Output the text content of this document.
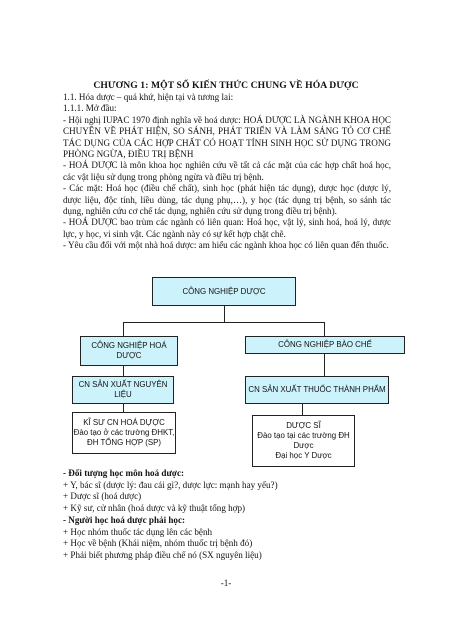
CHƯƠNG 1: MỘT SỐ KIẾN THỨC CHUNG VỀ HÓA DƯỢC

1.1. Hóa dược – quá khứ, hiện tại và tương lai:

1.1.1. Mở đầu:

- Hội nghị IUPAC 1970 định nghĩa về hoá dược: HOÁ DƯỢC LÀ NGÀNH KHOA HỌC CHUYÊN VỀ PHÁT HIỆN, SO SÁNH, PHÁT TRIỂN VÀ LÀM SÁNG TỎ CƠ CHẾ TÁC DỤNG CỦA CÁC HỢP CHẤT CÓ HOẠT TÍNH SINH HỌC SỬ DỤNG TRONG PHÒNG NGỪA, ĐIỀU TRỊ BỆNH

- HOÁ DƯỢC là môn khoa học nghiên cứu về tất cả các mặt của các hợp chất hoá học, các vật liệu sử dụng trong phòng ngừa và điều trị bệnh.

- Các mặt: Hoá học (điều chế chất), sinh học (phát hiện tác dụng), dược học (dược lý, dược liệu, độc tính, liều dùng, tác dụng phụ,…), y học (tác dụng trị bệnh, so sánh tác dụng, nghiên cứu cơ chế tác dụng, nghiên cứu sử dụng trong điều trị bệnh).

- HOÁ DƯỢC bao trùm các ngành có liên quan: Hoá học, vật lý, sinh hoá, hoá lý, dược lực, y học, vi sinh vật. Các ngành này có sự kết hợp chặt chẽ.

- Yêu cầu đối với một nhà hoá dược: am hiểu các ngành khoa học có liên quan đến thuốc.

CÔNG NGHIỆP DƯỢC
CÔNG NGHIỆP HOÁ DƯỢC
CÔNG NGHIỆP BÀO CHẾ
CN SẢN XUẤT NGUYÊN LIỆU
CN SẢN XUẤT THUỐC THÀNH PHẨM
KĨ SƯ CN HOÁ DỰỢC
Đào tạo ở các trường ĐHKT,
ĐH TỔNG HỢP (SP)
DƯỢC SĨ
Đào tạo tại các trường ĐH
Dược
Đại học Y Dược

- Đối tượng học môn hoá dược:

+ Y, bác sĩ (dược lý: đau cái gì?, dược lực: mạnh hay yếu?)

+ Dược sĩ (hoá dược)

+ Kỹ sư, cử nhân (hoá dược và kỹ thuật tổng hợp)

- Người học hoá dược phải học:

+ Học nhóm thuốc tác dụng lên các bệnh

+ Học về bệnh (Khái niệm, nhóm thuốc trị bệnh đó)

+ Phải biết phương pháp điều chế nó (SX nguyên liệu)

-1-
